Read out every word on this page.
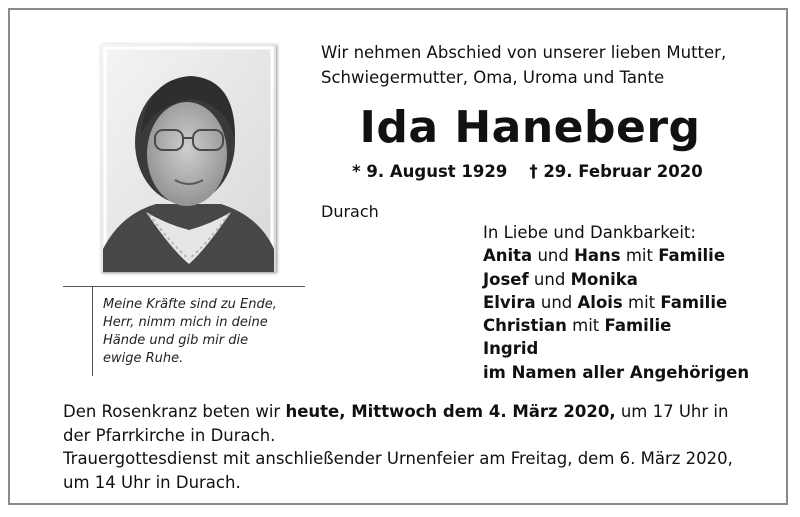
Meine Kräfte sind zu Ende,
Herr, nimm mich in deine
Hände und gib mir die
ewige Ruhe.
Wir nehmen Abschied von unserer lieben Mutter,
Schwiegermutter, Oma, Uroma und Tante
Ida Haneberg
* 9. August 1929 † 29. Februar 2020
Durach
In Liebe und Dankbarkeit:
Anita und Hans mit Familie
Josef und Monika
Elvira und Alois mit Familie
Christian mit Familie
Ingrid
im Namen aller Angehörigen
Den Rosenkranz beten wir heute, Mittwoch dem 4. März 2020, um 17 Uhr in
der Pfarrkirche in Durach.
Trauergottesdienst mit anschließender Urnenfeier am Freitag, dem 6. März 2020,
um 14 Uhr in Durach.
